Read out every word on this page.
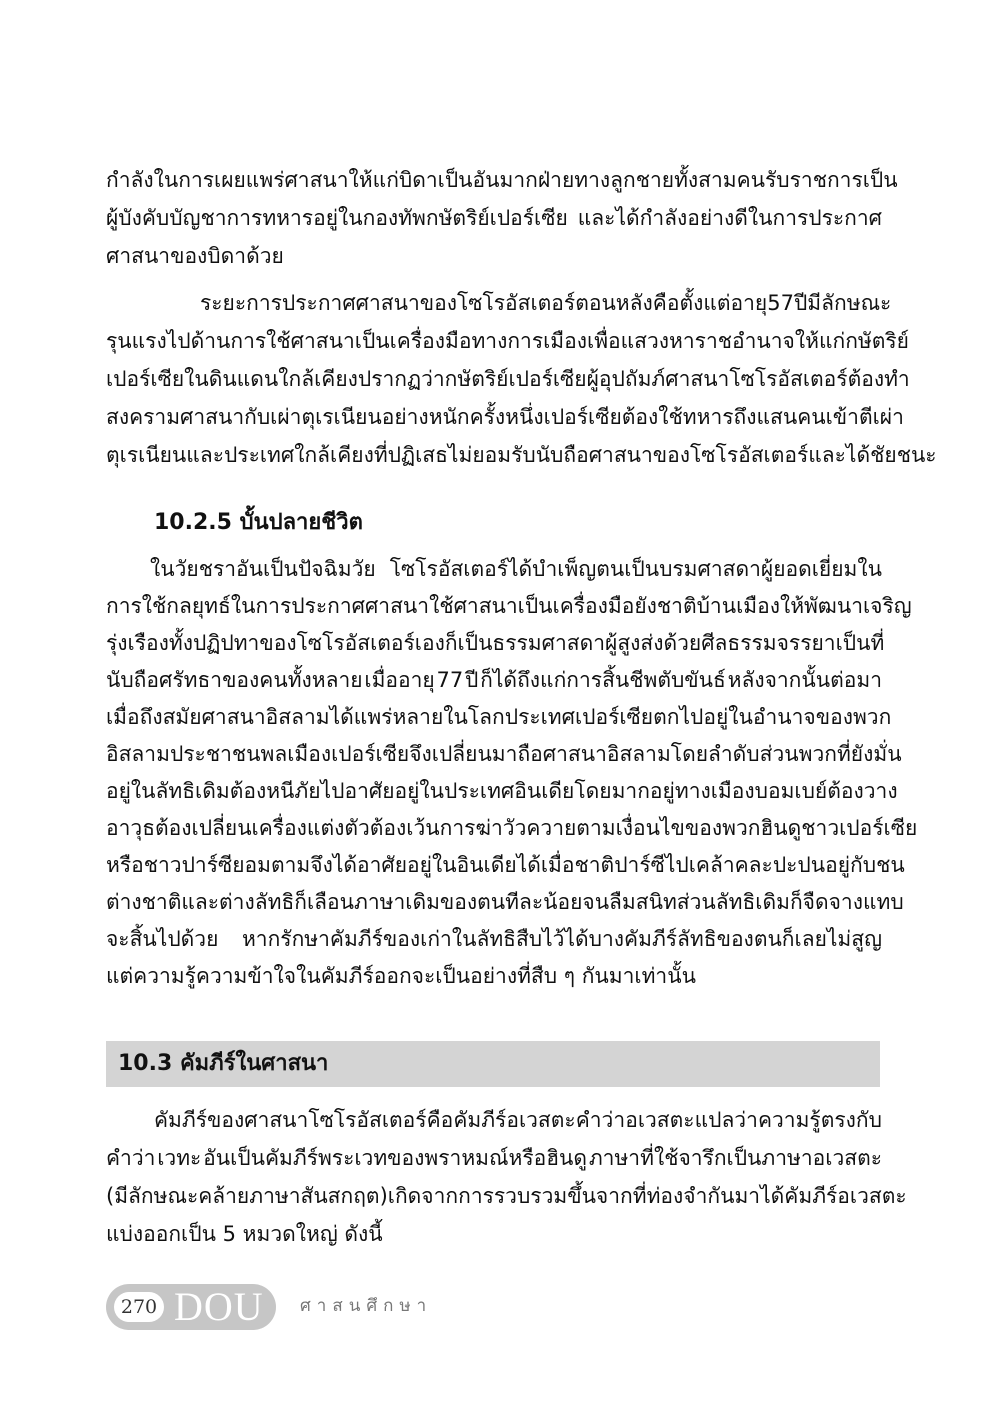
กำลังในการเผยแพร่ศาสนาให้แก่บิดาเป็นอันมาก ฝ่ายทางลูกชายทั้งสามคนรับราชการเป็น
ผู้บังคับบัญชาการทหารอยู่ในกองทัพกษัตริย์เปอร์เซีย และได้กำลังอย่างดีในการประกาศ
ศาสนาของบิดาด้วย
ระยะการประกาศศาสนาของโซโรอัสเตอร์ตอนหลัง คือ ตั้งแต่อายุ 57 ปี มีลักษณะ
รุนแรงไปด้านการใช้ศาสนาเป็นเครื่องมือทางการเมือง เพื่อแสวงหาราชอำนาจให้แก่กษัตริย์
เปอร์เซียในดินแดนใกล้เคียงปรากฏว่ากษัตริย์เปอร์เซียผู้อุปถัมภ์ศาสนาโซโรอัสเตอร์ต้องทำ
สงครามศาสนากับเผ่าตุเรเนียนอย่างหนักครั้งหนึ่ง เปอร์เซียต้องใช้ทหารถึงแสนคนเข้าตีเผ่า
ตุเรเนียนและประเทศใกล้เคียงที่ปฏิเสธไม่ยอมรับนับถือศาสนาของโซโรอัสเตอร์ และได้ชัยชนะ
10.2.5 บั้นปลายชีวิต
ในวัยชราอันเป็นปัจฉิมวัย โซโรอัสเตอร์ได้บำเพ็ญตนเป็นบรมศาสดาผู้ยอดเยี่ยมใน
การใช้กลยุทธ์ในการประกาศศาสนา ใช้ศาสนาเป็นเครื่องมือยังชาติบ้านเมืองให้พัฒนาเจริญ
รุ่งเรือง ทั้งปฏิปทาของโซโรอัสเตอร์เองก็เป็นธรรมศาสดาผู้สูงส่งด้วยศีลธรรมจรรยา เป็นที่
นับถือศรัทธาของคนทั้งหลาย เมื่ออายุ 77 ปี ก็ได้ถึงแก่การสิ้นชีพตับขันธ์ หลังจากนั้นต่อมา
เมื่อถึงสมัยศาสนาอิสลามได้แพร่หลายในโลก ประเทศเปอร์เซียตกไปอยู่ในอำนาจของพวก
อิสลาม ประชาชนพลเมืองเปอร์เซียจึงเปลี่ยนมาถือศาสนาอิสลามโดยลำดับ ส่วนพวกที่ยังมั่น
อยู่ในลัทธิเดิมต้องหนีภัยไปอาศัยอยู่ในประเทศอินเดีย โดยมากอยู่ทางเมืองบอมเบย์ ต้องวาง
อาวุธ ต้องเปลี่ยนเครื่องแต่งตัว ต้องเว้นการฆ่าวัวควายตามเงื่อนไขของพวกฮินดู ชาวเปอร์เซีย
หรือชาวปาร์ซียอมตามจึงได้อาศัยอยู่ในอินเดียได้ เมื่อชาติปาร์ซีไปเคล้าคละปะปนอยู่กับชน
ต่างชาติและต่างลัทธิ ก็เลือนภาษาเดิมของตนทีละน้อยจนลืมสนิท ส่วนลัทธิเดิมก็จืดจางแทบ
จะสิ้นไปด้วย หากรักษาคัมภีร์ของเก่าในลัทธิสืบไว้ได้บางคัมภีร์ลัทธิของตนก็เลยไม่สูญ
แต่ความรู้ความข้าใจในคัมภีร์ออกจะเป็นอย่างที่สืบ ๆ กันมาเท่านั้น
10.3 คัมภีร์ในศาสนา
คัมภีร์ของศาสนาโซโรอัสเตอร์ คือ คัมภีร์อเวสตะ คำว่า อเวสตะ แปลว่า ความรู้ ตรงกับ
คำว่า เวทะ อันเป็นคัมภีร์พระเวทของพราหมณ์หรือฮินดู ภาษาที่ใช้จารึกเป็นภาษาอเวสตะ
(มีลักษณะคล้ายภาษาสันสกฤต) เกิดจากการรวบรวมขึ้นจากที่ท่องจำกันมาได้ คัมภีร์อเวสตะ
แบ่งออกเป็น 5 หมวดใหญ่ ดังนี้
270 DOU ศาสนศึกษา
